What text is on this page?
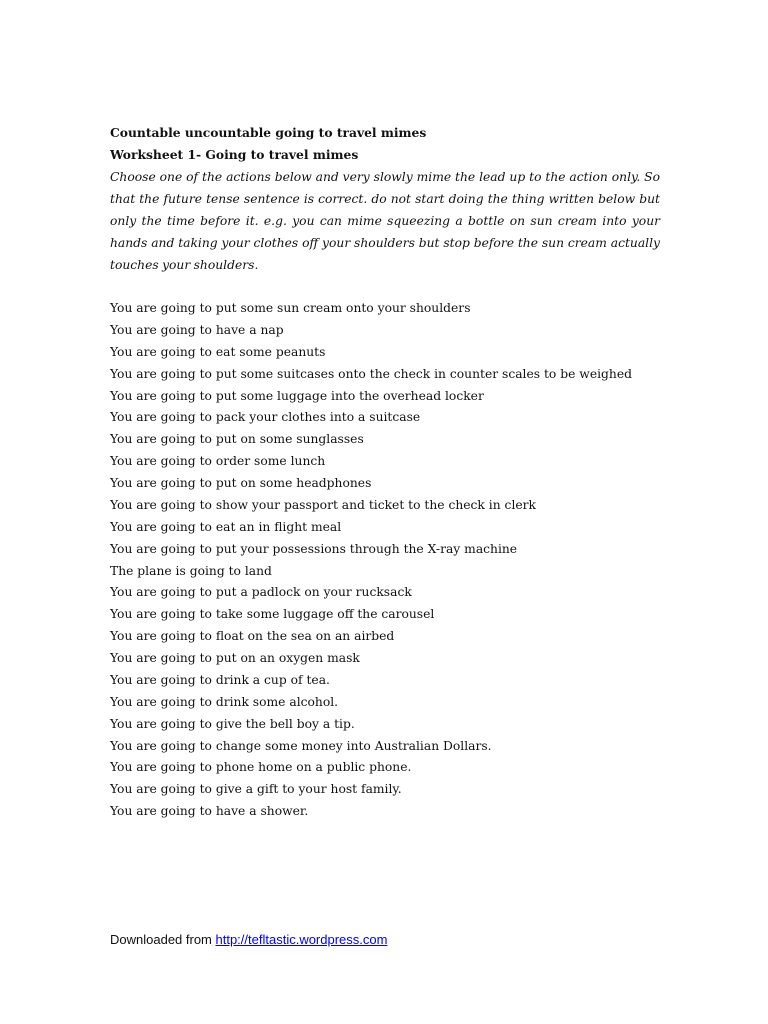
Countable uncountable going to travel mimes

Worksheet 1- Going to travel mimes

Choose one of the actions below and very slowly mime the lead up to the action only. So that the future tense sentence is correct. do not start doing the thing written below but only the time before it. e.g. you can mime squeezing a bottle on sun cream into your hands and taking your clothes off your shoulders but stop before the sun cream actually touches your shoulders.

You are going to put some sun cream onto your shoulders
You are going to have a nap
You are going to eat some peanuts
You are going to put some suitcases onto the check in counter scales to be weighed
You are going to put some luggage into the overhead locker
You are going to pack your clothes into a suitcase
You are going to put on some sunglasses
You are going to order some lunch
You are going to put on some headphones
You are going to show your passport and ticket to the check in clerk
You are going to eat an in flight meal
You are going to put your possessions through the X-ray machine
The plane is going to land
You are going to put a padlock on your rucksack
You are going to take some luggage off the carousel
You are going to float on the sea on an airbed
You are going to put on an oxygen mask
You are going to drink a cup of tea.
You are going to drink some alcohol.
You are going to give the bell boy a tip.
You are going to change some money into Australian Dollars.
You are going to phone home on a public phone.
You are going to give a gift to your host family.
You are going to have a shower.
Downloaded from http://tefltastic.wordpress.com
